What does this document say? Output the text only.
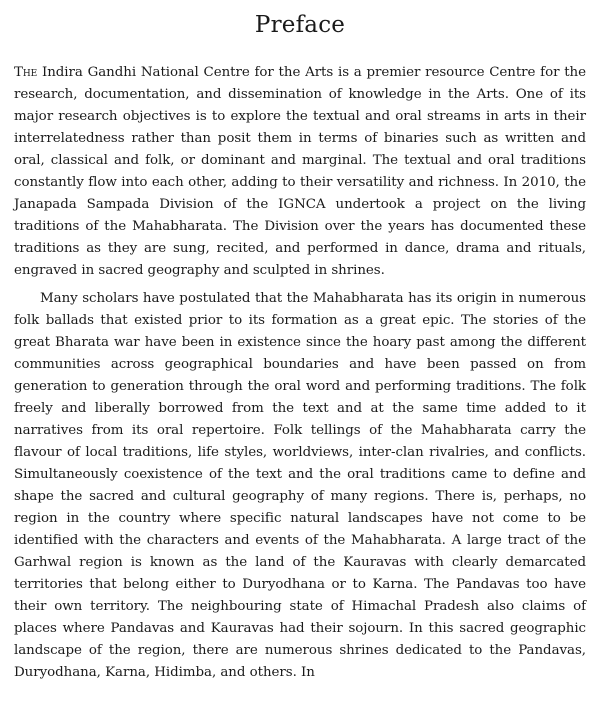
Preface

The Indira Gandhi National Centre for the Arts is a premier resource Centre for the research, documentation, and dissemination of knowledge in the Arts. One of its major research objectives is to explore the textual and oral streams in arts in their interrelatedness rather than posit them in terms of binaries such as written and oral, classical and folk, or dominant and marginal. The textual and oral traditions constantly flow into each other, adding to their versatility and richness. In 2010, the Janapada Sampada Division of the IGNCA undertook a project on the living traditions of the Mahabharata. The Division over the years has documented these traditions as they are sung, recited, and performed in dance, drama and rituals, engraved in sacred geography and sculpted in shrines.

Many scholars have postulated that the Mahabharata has its origin in numerous folk ballads that existed prior to its formation as a great epic. The stories of the great Bharata war have been in existence since the hoary past among the different communities across geographical boundaries and have been passed on from generation to generation through the oral word and performing traditions. The folk freely and liberally borrowed from the text and at the same time added to it narratives from its oral repertoire. Folk tellings of the Mahabharata carry the flavour of local traditions, life styles, worldviews, inter-clan rivalries, and conflicts. Simultaneously coexistence of the text and the oral traditions came to define and shape the sacred and cultural geography of many regions. There is, perhaps, no region in the country where specific natural landscapes have not come to be identified with the characters and events of the Mahabharata. A large tract of the Garhwal region is known as the land of the Kauravas with clearly demarcated territories that belong either to Duryodhana or to Karna. The Pandavas too have their own territory. The neighbouring state of Himachal Pradesh also claims of places where Pandavas and Kauravas had their sojourn. In this sacred geographic landscape of the region, there are numerous shrines dedicated to the Pandavas, Duryodhana, Karna, Hidimba, and others. In
